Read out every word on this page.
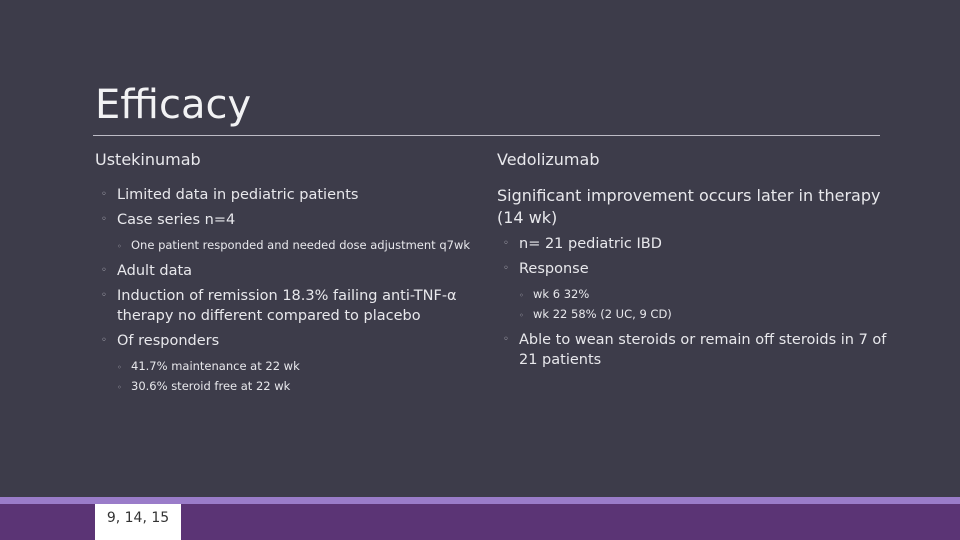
Efficacy
Ustekinumab
◦ Limited data in pediatric patients
◦ Case series n=4
◦ One patient responded and needed dose adjustment q7wk
◦ Adult data
◦ Induction of remission 18.3% failing anti-TNF-α therapy no different compared to placebo
◦ Of responders
◦ 41.7% maintenance at 22 wk
◦ 30.6% steroid free at 22 wk
Vedolizumab
Significant improvement occurs later in therapy (14 wk)
◦ n= 21 pediatric IBD
◦ Response
◦ wk 6 32%
◦ wk 22 58% (2 UC, 9 CD)
◦ Able to wean steroids or remain off steroids in 7 of 21 patients
9, 14, 15
